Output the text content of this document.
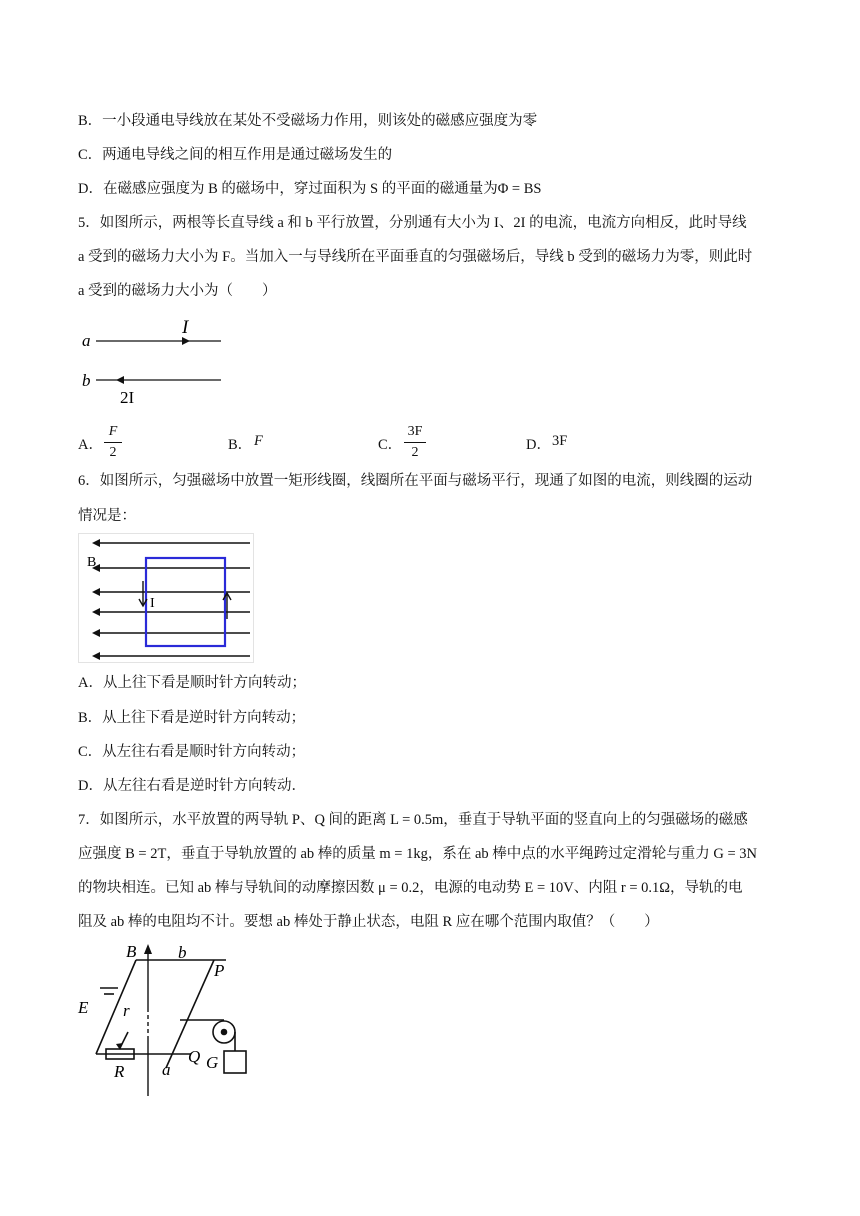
B．一小段通电导线放在某处不受磁场力作用，则该处的磁感应强度为零
C．两通电导线之间的相互作用是通过磁场发生的
D．在磁感应强度为 B 的磁场中，穿过面积为 S 的平面的磁通量为Φ = BS
5．如图所示，两根等长直导线 a 和 b 平行放置，分别通有大小为 I、2I 的电流，电流方向相反，此时导线
a 受到的磁场力大小为 F。当加入一与导线所在平面垂直的匀强磁场后，导线 b 受到的磁场力为零，则此时
a 受到的磁场力大小为（　　）
a
I
b
2I
A．
F
2	B． F	C．
3F
2	D． 3F
6．如图所示，匀强磁场中放置一矩形线圈，线圈所在平面与磁场平行，现通了如图的电流，则线圈的运动
情况是：
B
I
A．从上往下看是顺时针方向转动；
B．从上往下看是逆时针方向转动；
C．从左往右看是顺时针方向转动；
D．从左往右看是逆时针方向转动．
7．如图所示，水平放置的两导轨 P、Q 间的距离 L = 0.5m，垂直于导轨平面的竖直向上的匀强磁场的磁感
应强度 B = 2T，垂直于导轨放置的 ab 棒的质量 m = 1kg，系在 ab 棒中点的水平绳跨过定滑轮与重力 G = 3N
的物块相连。已知 ab 棒与导轨间的动摩擦因数 μ = 0.2，电源的电动势 E = 10V、内阻 r = 0.1Ω，导轨的电
阻及 ab 棒的电阻均不计。要想 ab 棒处于静止状态，电阻 R 应在哪个范围内取值？（　　）
B b
P
E r
Q
R a G
